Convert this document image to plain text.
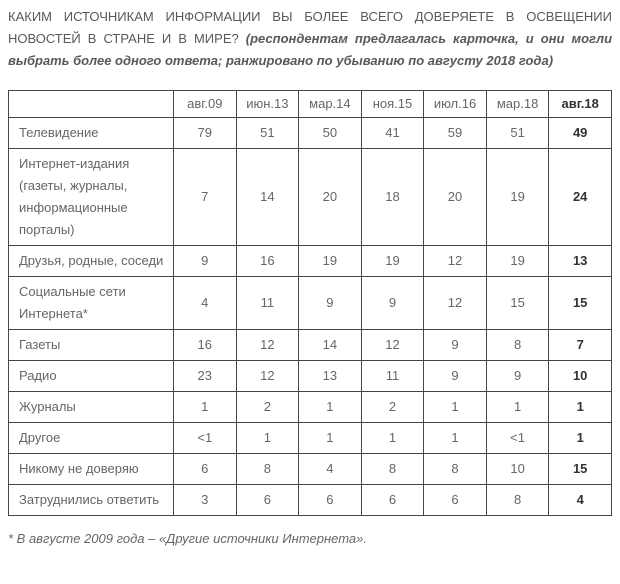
КАКИМ ИСТОЧНИКАМ ИНФОРМАЦИИ ВЫ БОЛЕЕ ВСЕГО ДОВЕРЯЕТЕ В ОСВЕЩЕНИИ НОВОСТЕЙ В СТРАНЕ И В МИРЕ? (респондентам предлагалась карточка, и они могли выбрать более одного ответа; ранжировано по убыванию по августу 2018 года)

	авг.09	июн.13	мар.14	ноя.15	июл.16	мар.18	авг.18
Телевидение	79	51	50	41	59	51	49
Интернет-издания (газеты, журналы, информационные порталы)	7	14	20	18	20	19	24
Друзья, родные, соседи	9	16	19	19	12	19	13
Социальные сети Интернета*	4	11	9	9	12	15	15
Газеты	16	12	14	12	9	8	7
Радио	23	12	13	11	9	9	10
Журналы	1	2	1	2	1	1	1
Другое	<1	1	1	1	1	<1	1
Никому не доверяю	6	8	4	8	8	10	15
Затруднились ответить	3	6	6	6	6	8	4

* В августе 2009 года – «Другие источники Интернета».
